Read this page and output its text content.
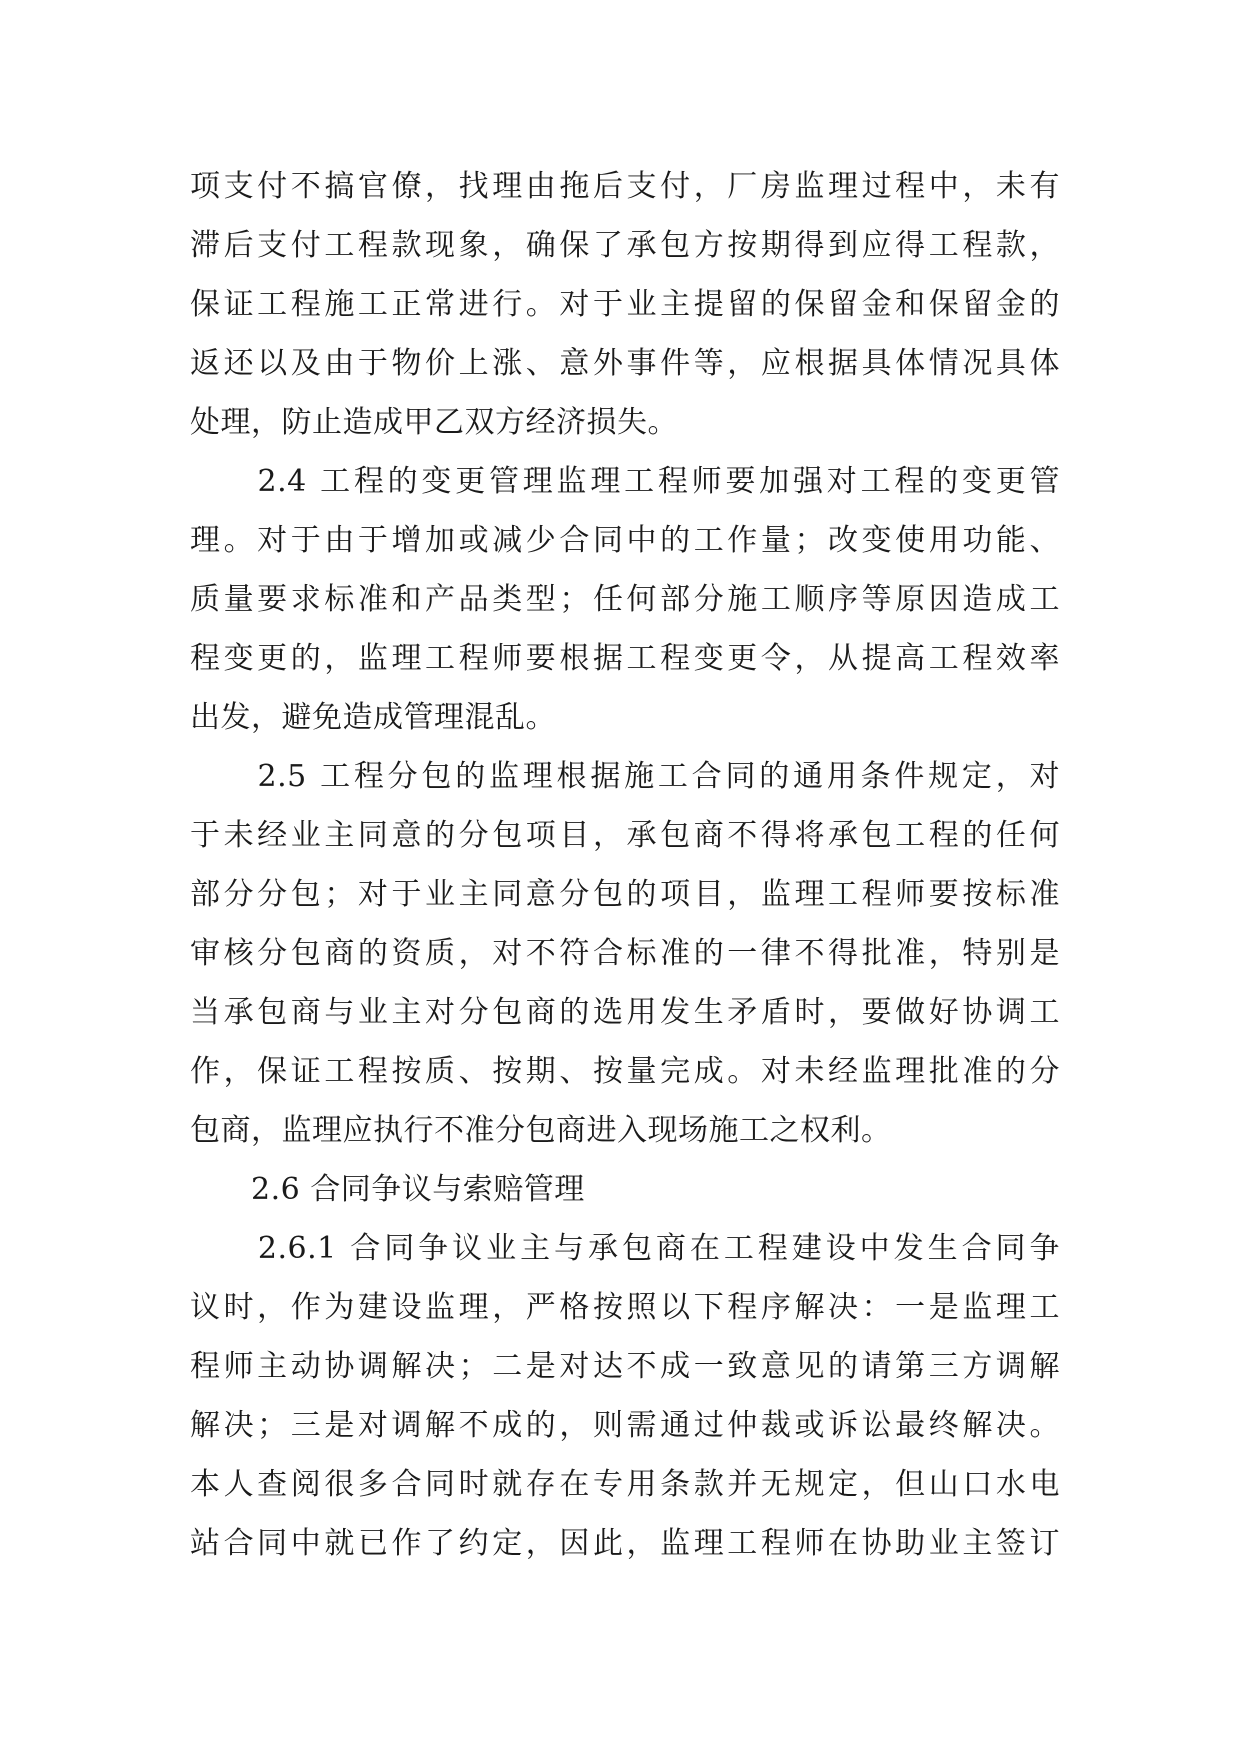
项支付不搞官僚，找理由拖后支付，厂房监理过程中，未有
滞后支付工程款现象，确保了承包方按期得到应得工程款，
保证工程施工正常进行。对于业主提留的保留金和保留金的
返还以及由于物价上涨、意外事件等，应根据具体情况具体
处理，防止造成甲乙双方经济损失。
　　2.4 工程的变更管理监理工程师要加强对工程的变更管
理。对于由于增加或减少合同中的工作量；改变使用功能、
质量要求标准和产品类型；任何部分施工顺序等原因造成工
程变更的，监理工程师要根据工程变更令，从提高工程效率
出发，避免造成管理混乱。
　　2.5 工程分包的监理根据施工合同的通用条件规定，对
于未经业主同意的分包项目，承包商不得将承包工程的任何
部分分包；对于业主同意分包的项目，监理工程师要按标准
审核分包商的资质，对不符合标准的一律不得批准，特别是
当承包商与业主对分包商的选用发生矛盾时，要做好协调工
作，保证工程按质、按期、按量完成。对未经监理批准的分
包商，监理应执行不准分包商进入现场施工之权利。
　　2.6 合同争议与索赔管理
　　2.6.1 合同争议业主与承包商在工程建设中发生合同争
议时，作为建设监理，严格按照以下程序解决：一是监理工
程师主动协调解决；二是对达不成一致意见的请第三方调解
解决；三是对调解不成的，则需通过仲裁或诉讼最终解决。
本人查阅很多合同时就存在专用条款并无规定，但山口水电
站合同中就已作了约定，因此，监理工程师在协助业主签订
